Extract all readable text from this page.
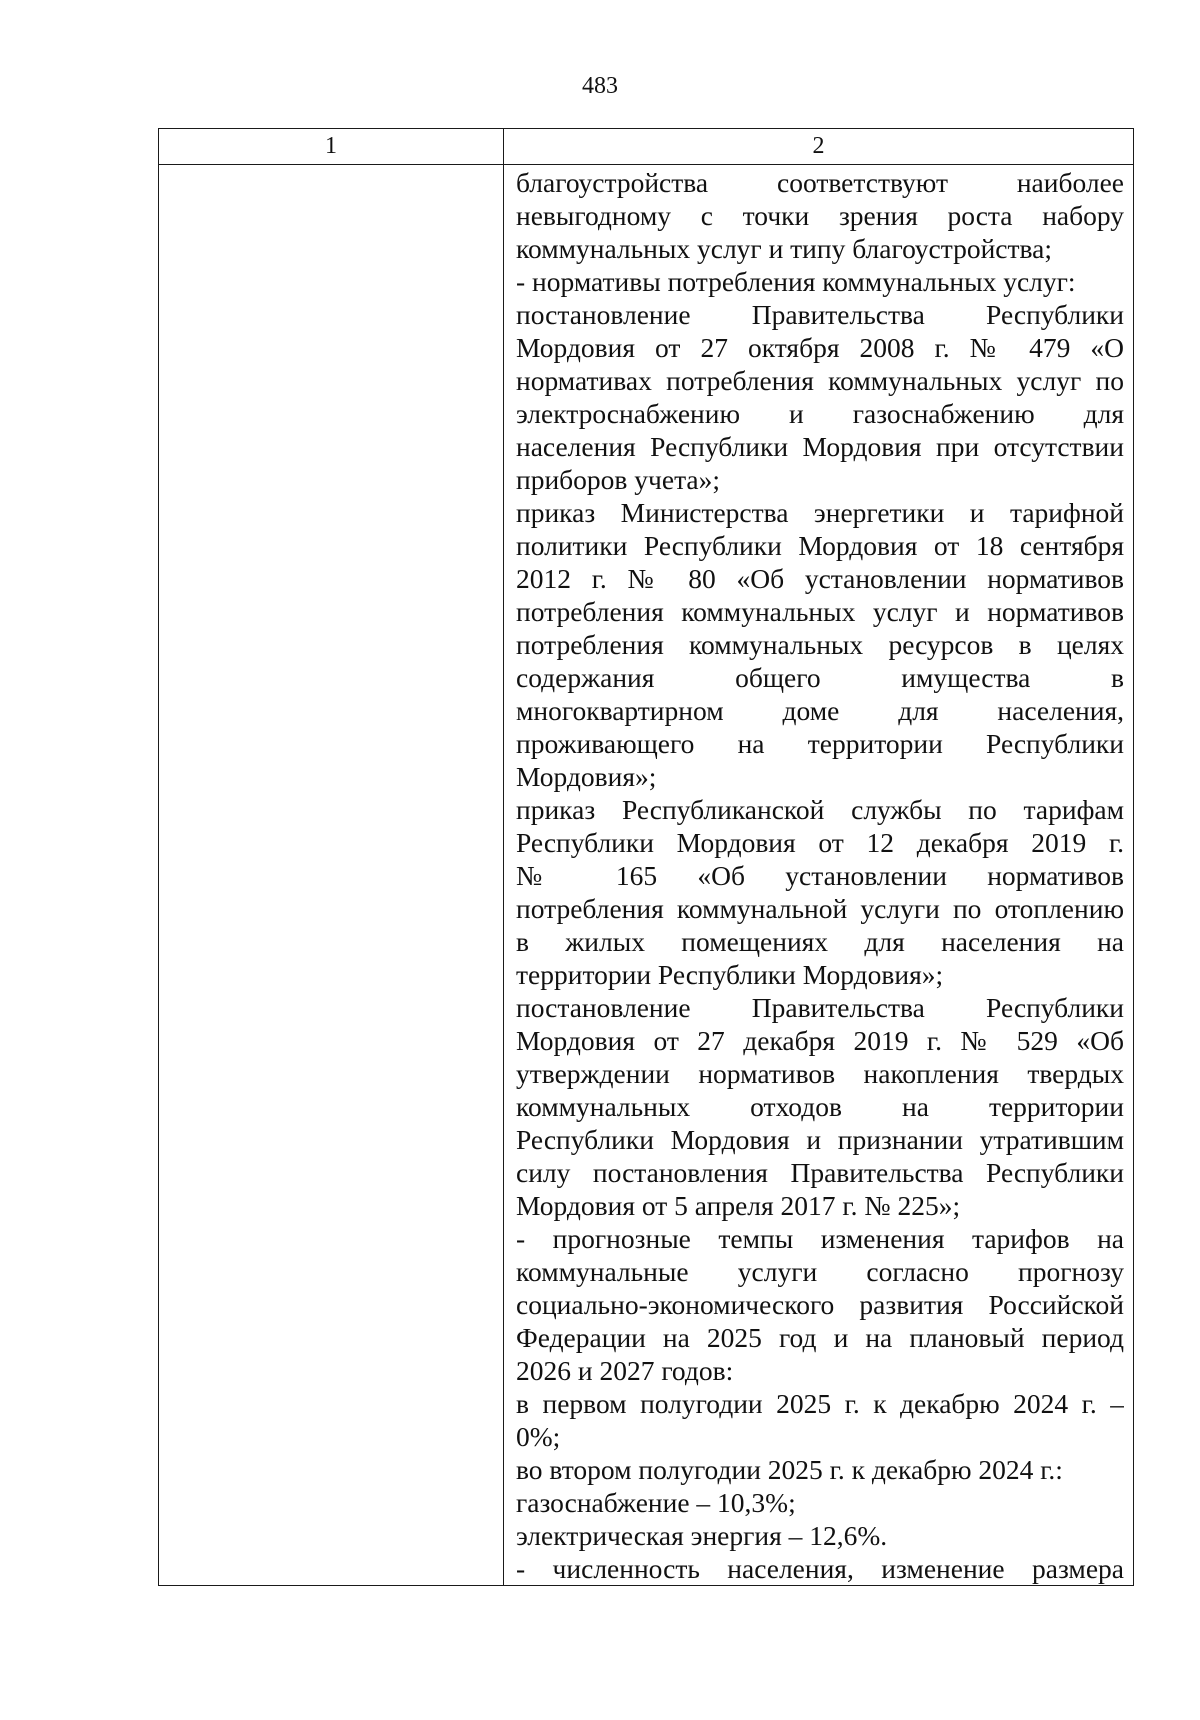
483
1	2
благоустройства соответствуют наиболее
невыгодному с точки зрения роста набору
коммунальных услуг и типу благоустройства;
- нормативы потребления коммунальных услуг:
постановление Правительства Республики
Мордовия от 27 октября 2008 г. № 479 «О
нормативах потребления коммунальных услуг по
электроснабжению и газоснабжению для
населения Республики Мордовия при отсутствии
приборов учета»;
приказ Министерства энергетики и тарифной
политики Республики Мордовия от 18 сентября
2012 г. № 80 «Об установлении нормативов
потребления коммунальных услуг и нормативов
потребления коммунальных ресурсов в целях
содержания общего имущества в
многоквартирном доме для населения,
проживающего на территории Республики
Мордовия»;
приказ Республиканской службы по тарифам
Республики Мордовия от 12 декабря 2019 г.
№ 165 «Об установлении нормативов
потребления коммунальной услуги по отоплению
в жилых помещениях для населения на
территории Республики Мордовия»;
постановление Правительства Республики
Мордовия от 27 декабря 2019 г. № 529 «Об
утверждении нормативов накопления твердых
коммунальных отходов на территории
Республики Мордовия и признании утратившим
силу постановления Правительства Республики
Мордовия от 5 апреля 2017 г. № 225»;
- прогнозные темпы изменения тарифов на
коммунальные услуги согласно прогнозу
социально-экономического развития Российской
Федерации на 2025 год и на плановый период
2026 и 2027 годов:
в первом полугодии 2025 г. к декабрю 2024 г. –
0%;
во втором полугодии 2025 г. к декабрю 2024 г.:
газоснабжение – 10,3%;
электрическая энергия – 12,6%.
- численность населения, изменение размера
